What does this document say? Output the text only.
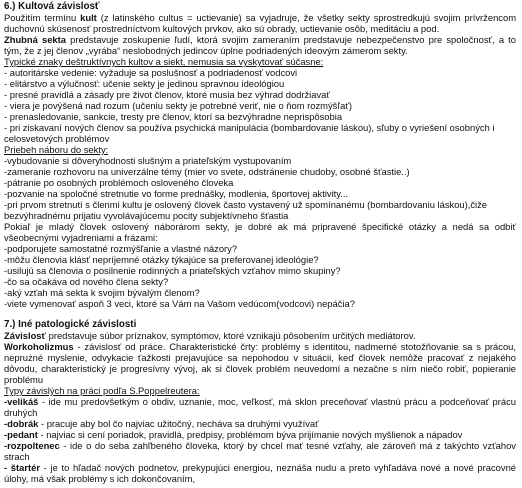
6.) Kultová závislosť
Použitím termínu kult (z latinského cultus = uctievanie) sa vyjadruje, že všetky sekty sprostredkujú svojim prívržencom duchovnú skúsenosť prostredníctvom kultových prvkov, ako sú obrady, uctievanie osôb, meditáciu a pod.
Zhubná sekta predstavuje zoskupenie ľudí, ktorá svojim zameraním predstavuje nebezpečenstvo pre spoločnosť, a to tým, že z jej členov „vyrába“ neslobodných jedincov úplne podriadených ideovým zámerom sekty.
Typické znaky deštruktívnych kultov a siekt, nemusia sa vyskytovať súčasne:
- autoritárske vedenie: vyžaduje sa poslušnosť a podriadenosť vodcovi
- elitárstvo a výlučnosť: učenie sekty je jedinou spravnou ideológiou
- presné pravidlá a zásady pre život členov, ktoré musia bez výhrad dodržiavať
- viera je povýšená nad rozum (učeniu sekty je potrebné veriť, nie o ňom rozmýšľať)
- prenasledovanie, sankcie, tresty pre členov, ktorí sa bezvýhradne neprispôsobia
- pri ziskavaní nových členov sa používa psychická manipulácia (bombardovanie láskou), sľuby o vyriešení osobných i celosvetových problémov
Priebeh náboru do sekty:
-vybudovanie si dôveryhodnosti slušným a priateľským vystupovaním
-zameranie rozhovoru na univerzálne témy (mier vo svete, odstránenie chudoby, osobné šťastie..)
-pátranie po osobných problémoch oslovenéhо človeka
-pozvanie na spoločné stretnutie vo forme prednášky, modlenia, športovej aktivity...
-pri prvom stretnutí s členmi kultu je oslovený človek často vystavený už spomínanému (bombardovaniu láskou),čiže bezvýhradnému prijatiu vyvolávajúcemu pocity subjektívneho šťastia
Pokiaľ je mladý človek oslovený náborárom sekty, je dobré ak má pripravené špecifické otázky a nedá sa odbiť všeobecnými vyjadreniami a frázami:
-podporujete samostatné rozmýšľanie a vlastné názory?
-môžu členovia klásť nepríjemné otázky týkajúce sa preferovanej ideológie?
-usilujú sa členovia o posilnenie rodinných a priateľských vzťahov mimo skupiny?
-čo sa očakáva od nového člena sekty?
-aký vzťah má sekta k svojim bývalým členom?
-viete vymenovať aspoň 3 veci, ktoré sa Vám na Vašom vedúcom(vodcovi) nepáčia?
7.) Iné patologické závislosti
Závislosť predstavuje súbor príznakov, symptómov, ktoré vznikajú pôsobením určitých mediátorov.
Workoholizmus - závislosť od práce. Charakteristické črty: problémy s identitou, nadmerné stotožňovanie sa s prácou, neprużné myslenie, odvykacie ťažkosti prejavujúce sa nepohodou v situácii, keď človek nemôže pracovať z nejakého dôvodu, charakteristický je progresívny vývoj, ak si človek problém neuvedomí a nezačne s ním niečo robiť, popieranie problému
Typy závislých na práci podľa S.Poppelreutera:
-velikáš - ide mu predovšetkým o obdiv, uznanie, moc, veľkosť, má sklon preceňovať vlastnú prácu a podceňovať prácu druhých
-dobrák - pracuje aby bol čo najviac užitočný, necháva sa druhými využívať
-pedant - najviac si cení poriadok, pravidlá, predpisy, problémom býva prijímanie nových myšlienok a nápadov
-rozpoltenec - ide o do seba zahľbeného človeka, ktorý by chcel mať tesné vzťahy, ale zároveň má z takýchto vzťahov strach
- štartér - je to hľadač nových podnetov, prekypujúci energiou, neznáša nudu a preto vyhľadáva nové a nové pracovné úlohy, má však problémy s ich dokončovaním,
